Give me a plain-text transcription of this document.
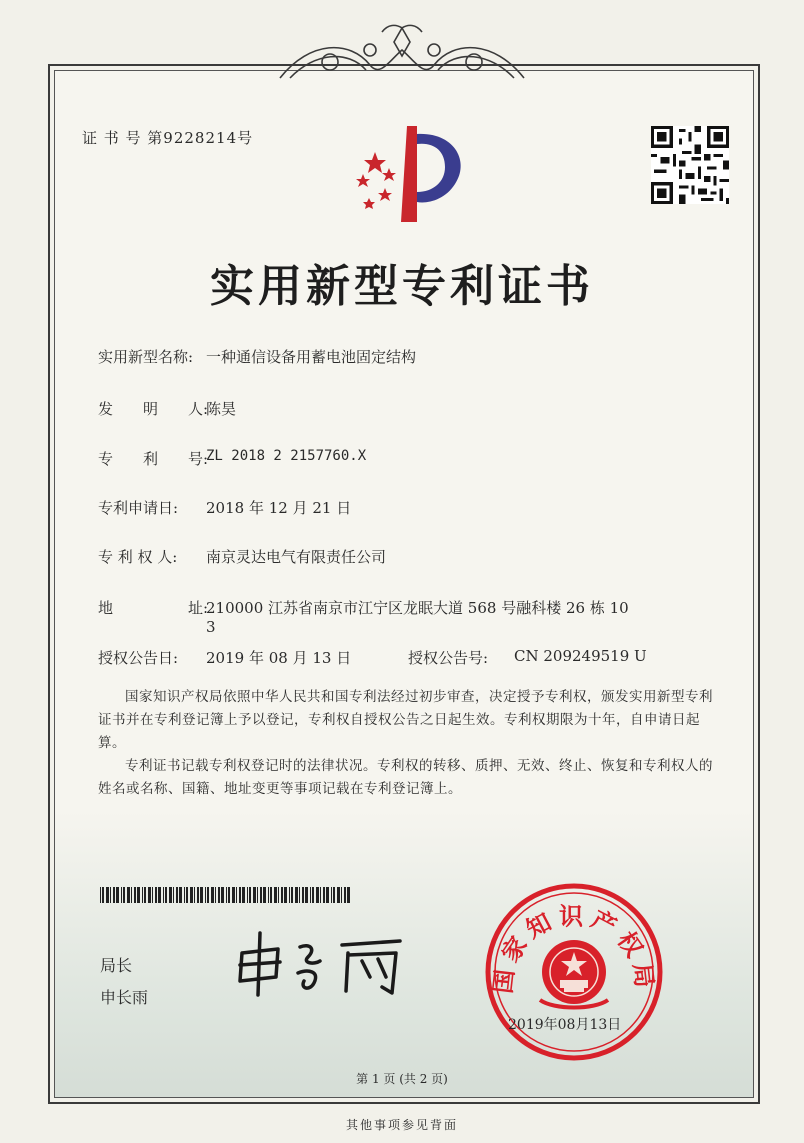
证 书 号 第9228214号
实用新型专利证书
实用新型名称: 一种通信设备用蓄电池固定结构
发　　明　　人:
陈昊
专　　利　　号:
ZL 2018 2 2157760.X
专利申请日: 2018 年 12 月 21 日
专 利 权 人: 南京灵达电气有限责任公司
地　　　　　址:
210000 江苏省南京市江宁区龙眠大道 568 号融科楼 26 栋 10
3
授权公告日: 2019 年 08 月 13 日	授权公告号: CN 209249519 U
国家知识产权局依照中华人民共和国专利法经过初步审查，决定授予专利权，颁发实用新型专利证书并在专利登记簿上予以登记，专利权自授权公告之日起生效。专利权期限为十年，自申请日起算。
专利证书记载专利权登记时的法律状况。专利权的转移、质押、无效、终止、恢复和专利权人的姓名或名称、国籍、地址变更等事项记载在专利登记簿上。
局长
申长雨
国家知识产权局
2019年08月13日
第 1 页 (共 2 页)
其他事项参见背面
